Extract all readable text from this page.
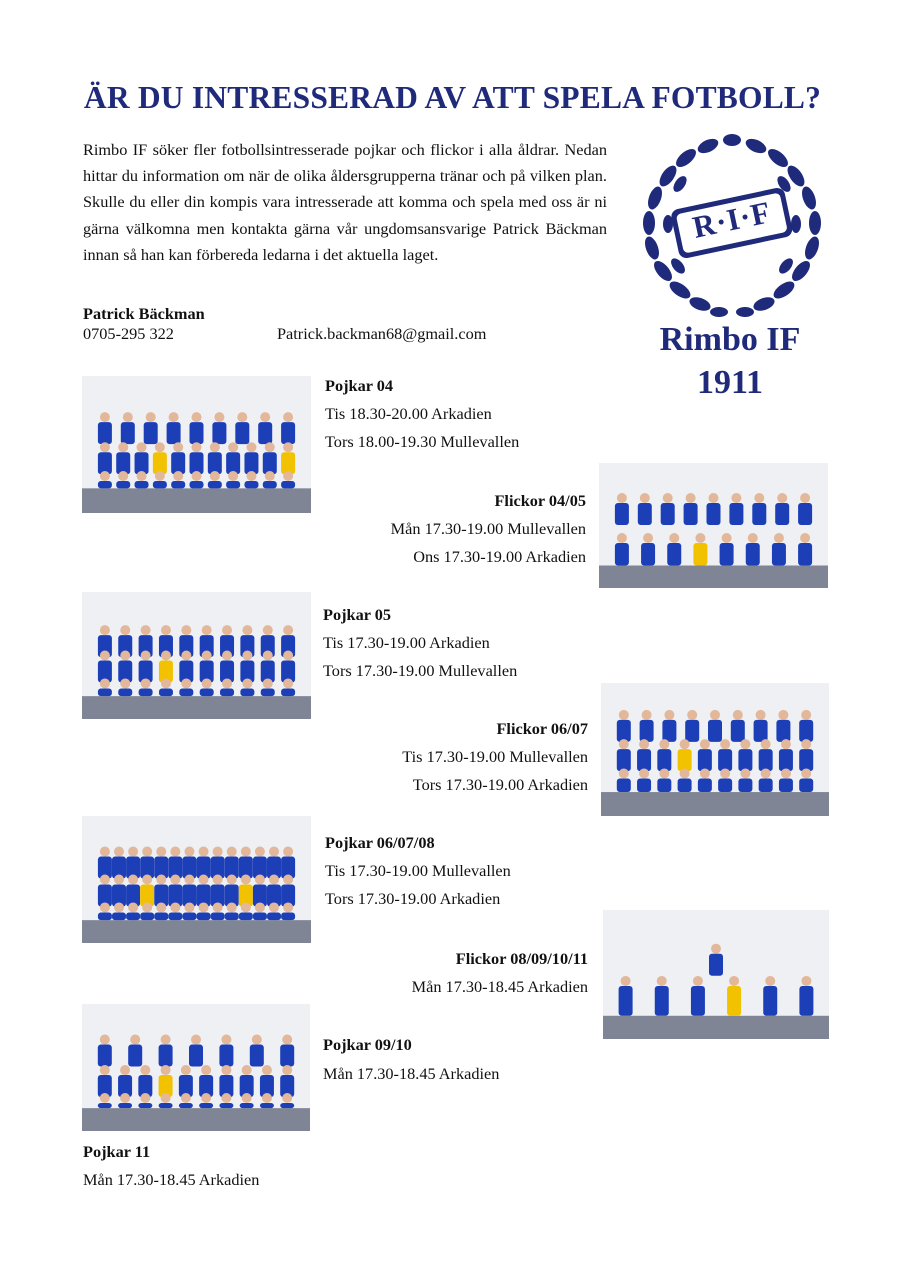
ÄR DU INTRESSERAD AV ATT SPELA FOTBOLL?
Rimbo IF söker fler fotbollsintresserade pojkar och flickor i alla åldrar. Nedan hittar du information om när de olika åldersgrupperna tränar och på vilken plan. Skulle du eller din kompis vara intresserade att komma och spela med oss är ni gärna välkomna men kontakta gärna vår ungdomsansvarige Patrick Bäckman innan så han kan förbereda ledarna i det aktuella laget.
Patrick Bäckman
0705-295 322	Patrick.backman68@gmail.com
R·I·F
Rimbo IF
1911
Pojkar 04
Tis 18.30-20.00 Arkadien
Tors 18.00-19.30 Mullevallen
Flickor 04/05
Mån 17.30-19.00 Mullevallen
Ons 17.30-19.00 Arkadien
Pojkar 05
Tis 17.30-19.00 Arkadien
Tors 17.30-19.00 Mullevallen
Flickor 06/07
Tis 17.30-19.00 Mullevallen
Tors 17.30-19.00 Arkadien
Pojkar 06/07/08
Tis 17.30-19.00 Mullevallen
Tors 17.30-19.00 Arkadien
Flickor 08/09/10/11
Mån 17.30-18.45 Arkadien
Pojkar 09/10
Mån 17.30-18.45 Arkadien
Pojkar 11
Mån 17.30-18.45 Arkadien
